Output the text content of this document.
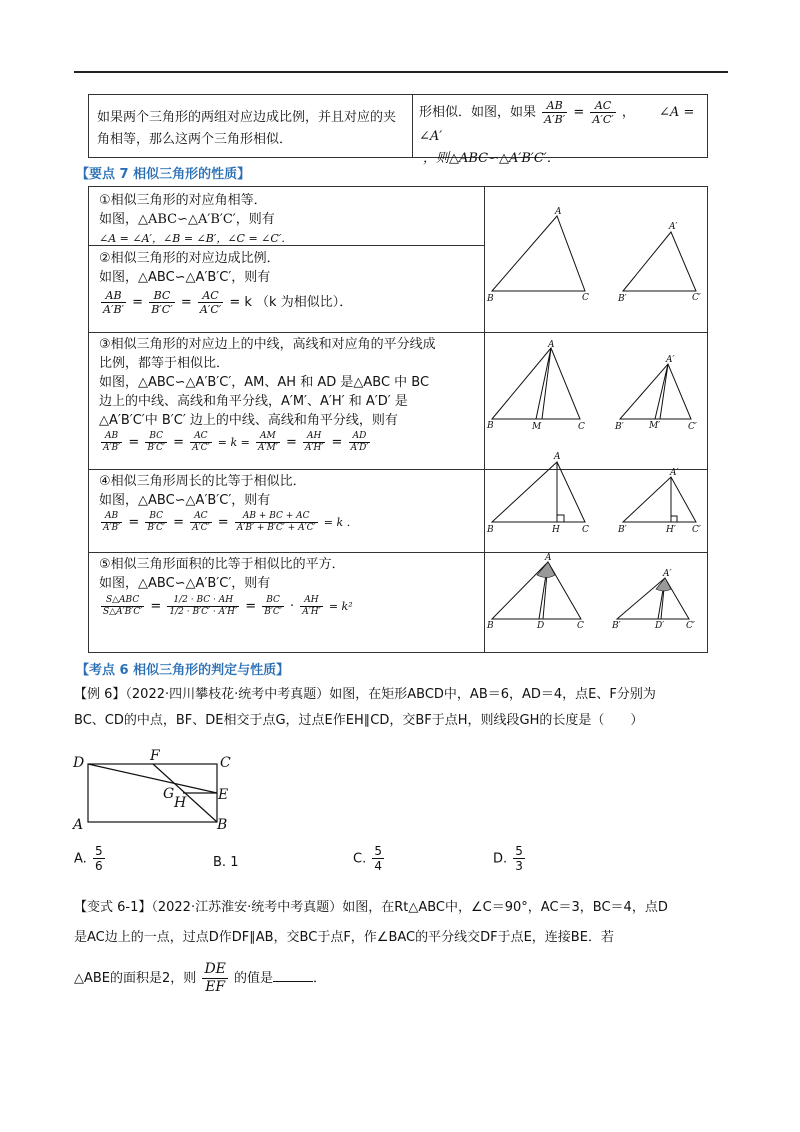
如果两个三角形的两组对应边成比例，并且对应的夹角相等，那么这两个三角形相似．
形相似．如图，如果 $\frac{AB}{A'B'} = \frac{AC}{A'C'}$ ， ∠A = ∠A′
，则△ABC∽△A′B′C′．
【要点 7 相似三角形的性质】
①相似三角形的对应角相等．
如图，△ABC∽△A′B′C′，则有
∠A = ∠A′，∠B = ∠B′，∠C = ∠C′．
②相似三角形的对应边成比例．
如图，△ABC∽△A′B′C′，则有
$\frac{AB}{A'B'} = \frac{BC}{B'C'} = \frac{AC}{A'C'} = k$ （k 为相似比）．
③相似三角形的对应边上的中线，高线和对应角的平分线成
比例，都等于相似比．
如图，△ABC∽△A′B′C′，AM、AH 和 AD 是△ABC 中 BC
边上的中线、高线和角平分线，A′M′、A′H′ 和 A′D′ 是
△A′B′C′中 B′C′ 边上的中线、高线和角平分线，则有
$\frac{AB}{A'B'} = \frac{BC}{B'C'} = \frac{AC}{A'C'} = k = \frac{AM}{A'M'} = \frac{AH}{A'H'} = \frac{AD}{A'D'}$
④相似三角形周长的比等于相似比．
如图，△ABC∽△A′B′C′，则有
$\frac{AB}{A'B'} = \frac{BC}{B'C'} = \frac{AC}{A'C'} = \frac{AB + BC + AC}{A'B' + B'C' + A'C'} = k$ ．
⑤相似三角形面积的比等于相似比的平方．
如图，△ABC∽△A′B′C′，则有
$\frac{\text{S△ABC}}{S\triangle A'B'C'} = \frac{1/2 \cdot BC \cdot AH}{1/2 \cdot B'C' \cdot A'H'} = \frac{BC}{B'C'} \cdot \frac{AH}{A'H'} = k^2$
A
B	C
A′
B′	C′
A
B	M	C
A′
B′	M′	C′
A
B	H C
A′
B′	H′ C′
A
B	D	C
A′
B′	D′ C′
【考点 6 相似三角形的判定与性质】
【例 6】（2022·四川攀枝花·统考中考真题）如图，在矩形ABCD中，AB＝6，AD＝4，点E、F分别为
BC、CD的中点，BF、DE相交于点G，过点E作EH∥CD，交BF于点H，则线段GH的长度是（　　）
D	C
A	B
F
E
G
H
A. $\frac{5}{6}$	B. 1	C. $\frac{5}{4}$	D. $\frac{5}{3}$
【变式 6-1】（2022·江苏淮安·统考中考真题）如图，在Rt△ABC中，∠C＝90°，AC＝3，BC＝4，点D
是AC边上的一点，过点D作DF∥AB，交BC于点F，作∠BAC的平分线交DF于点E，连接BE．若
△ABE的面积是2，则 $\frac{DE}{EF}$ 的值是	．
